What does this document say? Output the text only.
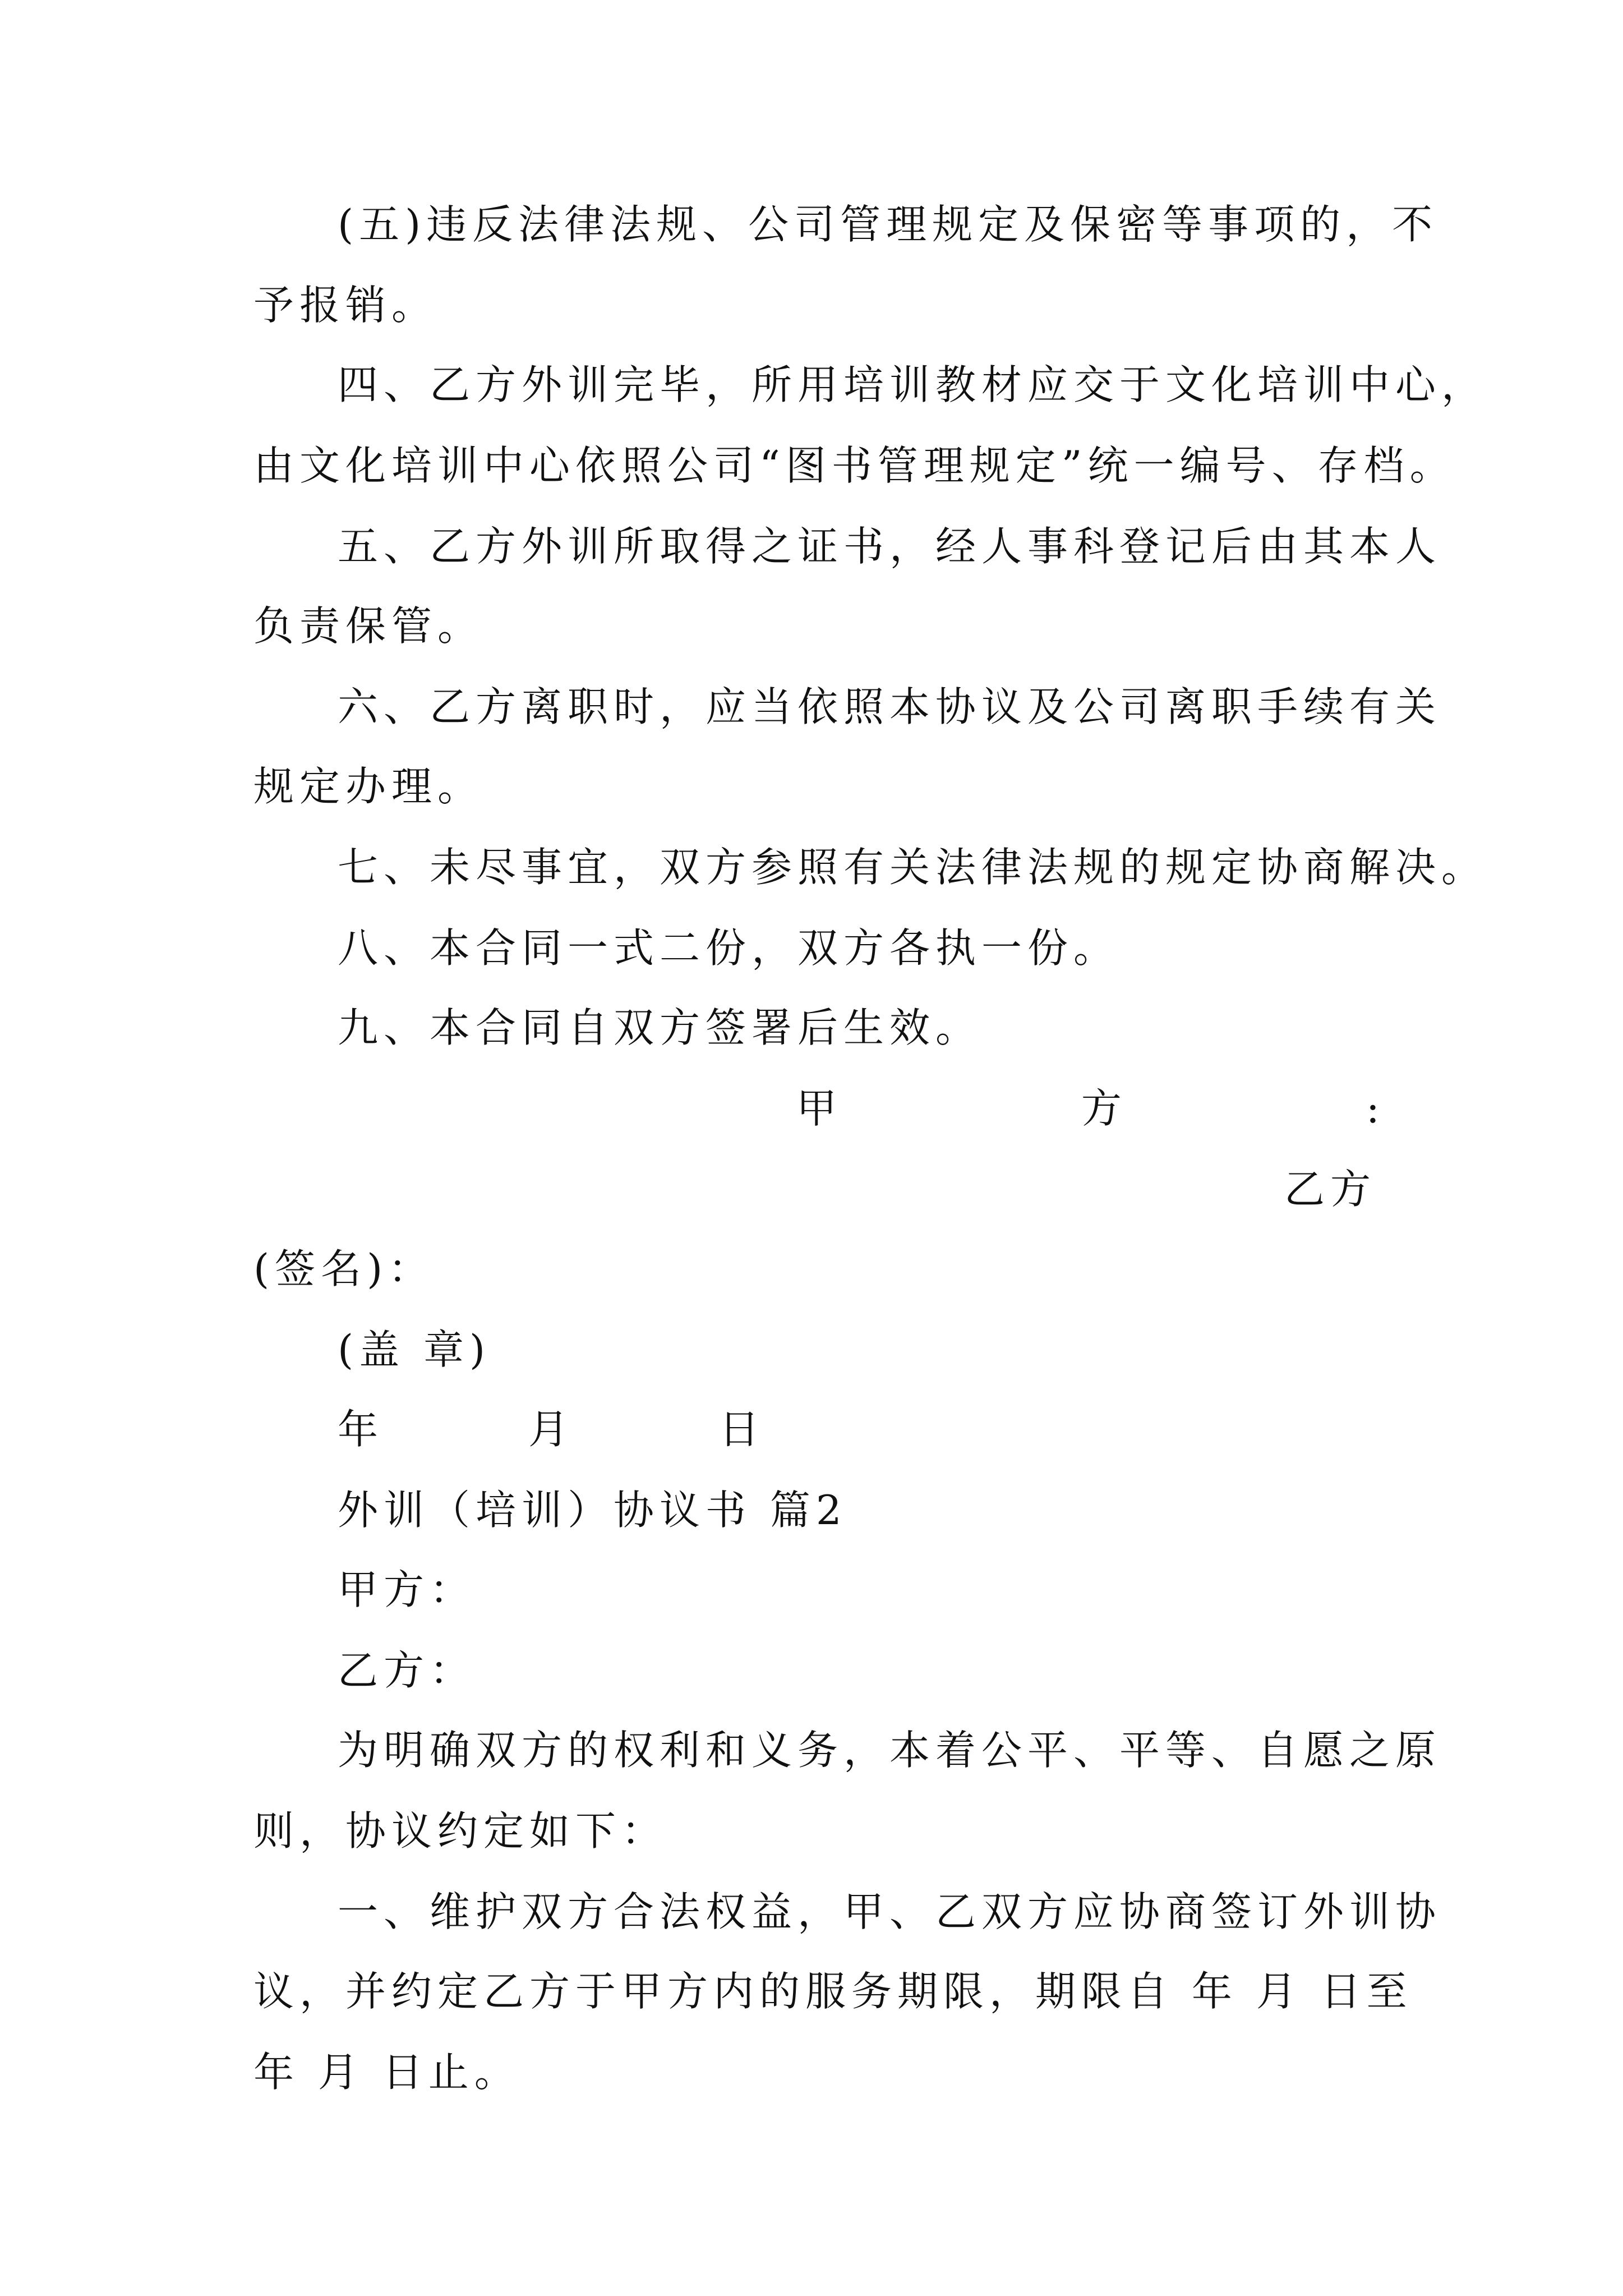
(五)违反法律法规、公司管理规定及保密等事项的，不
予报销。
四、乙方外训完毕，所用培训教材应交于文化培训中心，
由文化培训中心依照公司“图书管理规定”统一编号、存档。
五、乙方外训所取得之证书，经人事科登记后由其本人
负责保管。
六、乙方离职时，应当依照本协议及公司离职手续有关
规定办理。
七、未尽事宜，双方参照有关法律法规的规定协商解决。
八、本合同一式二份，双方各执一份。
九、本合同自双方签署后生效。
甲	方	:
乙方
(签名)：
(盖 章)
年	月	日
外训（培训）协议书 篇2
甲方：
乙方：
为明确双方的权利和义务，本着公平、平等、自愿之原
则，协议约定如下：
一、维护双方合法权益，甲、乙双方应协商签订外训协
议，并约定乙方于甲方内的服务期限，期限自 年 月 日至
年 月 日止。
